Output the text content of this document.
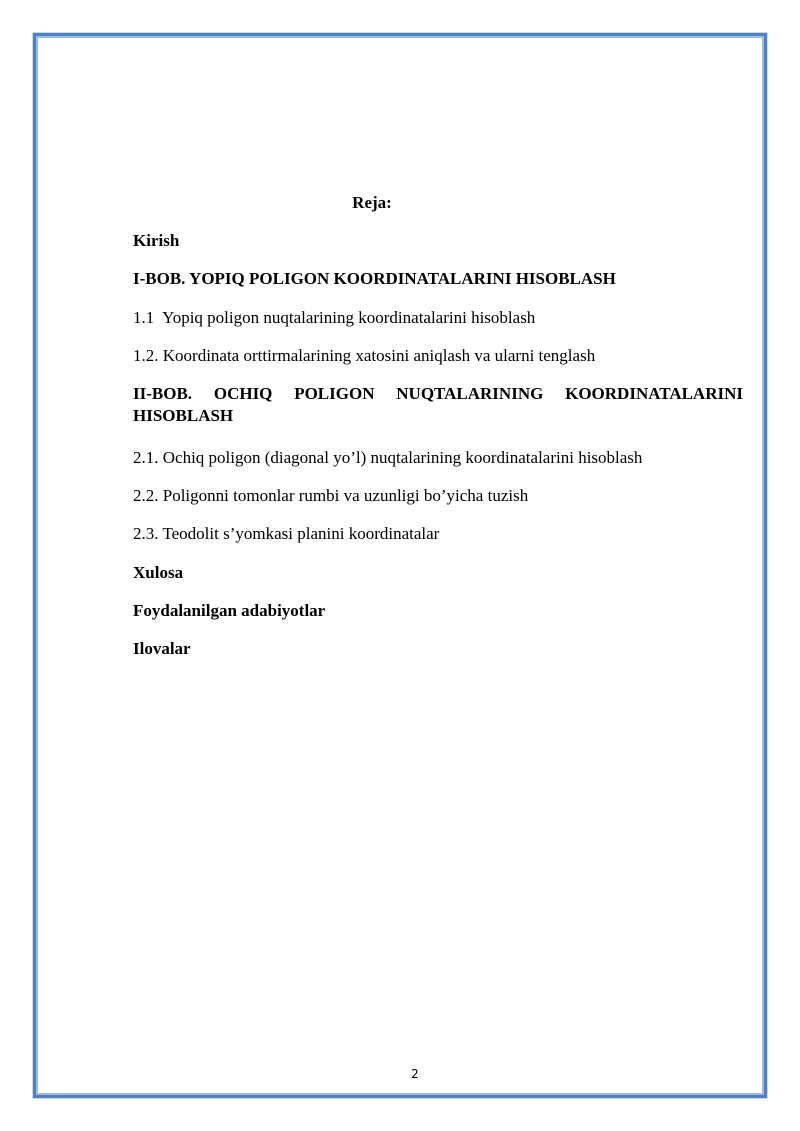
Reja:

Kirish

I-BOB. YOPIQ POLIGON KOORDINATALARINI HISOBLASH

1.1  Yopiq poligon nuqtalarining koordinatalarini hisoblash

1.2. Koordinata orttirmalarining xatosini aniqlash va ularni tenglash

II-BOB. OCHIQ POLIGON NUQTALARINING KOORDINATALARINI HISOBLASH

2.1. Ochiq poligon (diagonal yo’l) nuqtalarining koordinatalarini hisoblash

2.2. Poligonni tomonlar rumbi va uzunligi bo’yicha tuzish

2.3. Teodolit s’yomkasi planini koordinatalar

Xulosa

Foydalanilgan adabiyotlar

Ilovalar

2
